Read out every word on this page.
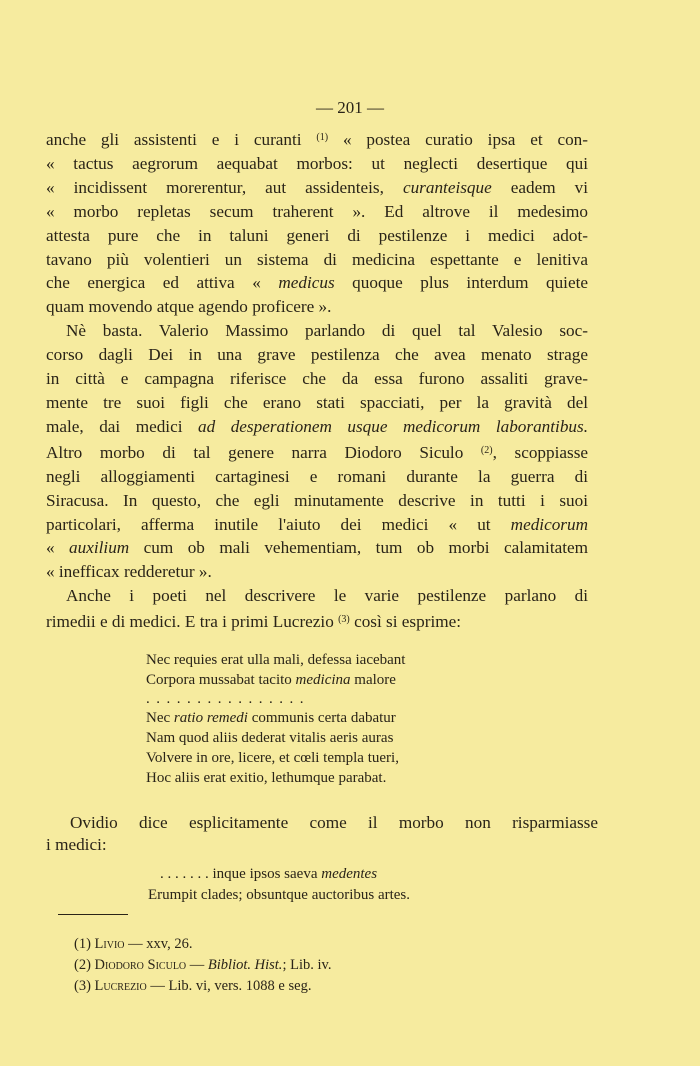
— 201 —

anche gli assistenti e i curanti $^{(1)}$ « postea curatio ipsa et con-
« tactus aegrorum aequabat morbos: ut neglecti desertique qui
« incidissent morerentur, aut assidenteis, curanteisque eadem vi
« morbo repletas secum traherent ». Ed altrove il medesimo
attesta pure che in taluni generi di pestilenze i medici adot-
tavano più volentieri un sistema di medicina espettante e lenitiva
che energica ed attiva « medicus quoque plus interdum quiete
quam movendo atque agendo proficere ».

Nè basta. Valerio Massimo parlando di quel tal Valesio soc-
corso dagli Dei in una grave pestilenza che avea menato strage
in città e campagna riferisce che da essa furono assaliti grave-
mente tre suoi figli che erano stati spacciati, per la gravità del
male, dai medici ad desperationem usque medicorum laborantibus.
Altro morbo di tal genere narra Diodoro Siculo $^{(2)}$, scoppiasse
negli alloggiamenti cartaginesi e romani durante la guerra di
Siracusa. In questo, che egli minutamente descrive in tutti i suoi
particolari, afferma inutile l'aiuto dei medici « ut medicorum
« auxilium cum ob mali vehementiam, tum ob morbi calamitatem
« inefficax redderetur ».

Anche i poeti nel descrivere le varie pestilenze parlano di
rimedii e di medici. E tra i primi Lucrezio $^{(3)}$ così si esprime:

Nec requies erat ulla mali, defessa iacebant
Corpora mussabat tacito medicina malore
................
Nec ratio remedi communis certa dabatur
Nam quod aliis dederat vitalis aeris auras
Volvere in ore, licere, et cœli templa tueri,
Hoc aliis erat exitio, lethumque parabat.
Ovidio dice esplicitamente come il morbo non risparmiasse
i medici:
. . . . . . . inque ipsos saeva medentes
Erumpit clades; obsuntque auctoribus artes.
(1) Livio — xxv, 26.
(2) Diodoro Siculo — Bibliot. Hist.; Lib. iv.
(3) Lucrezio — Lib. vi, vers. 1088 e seg.
